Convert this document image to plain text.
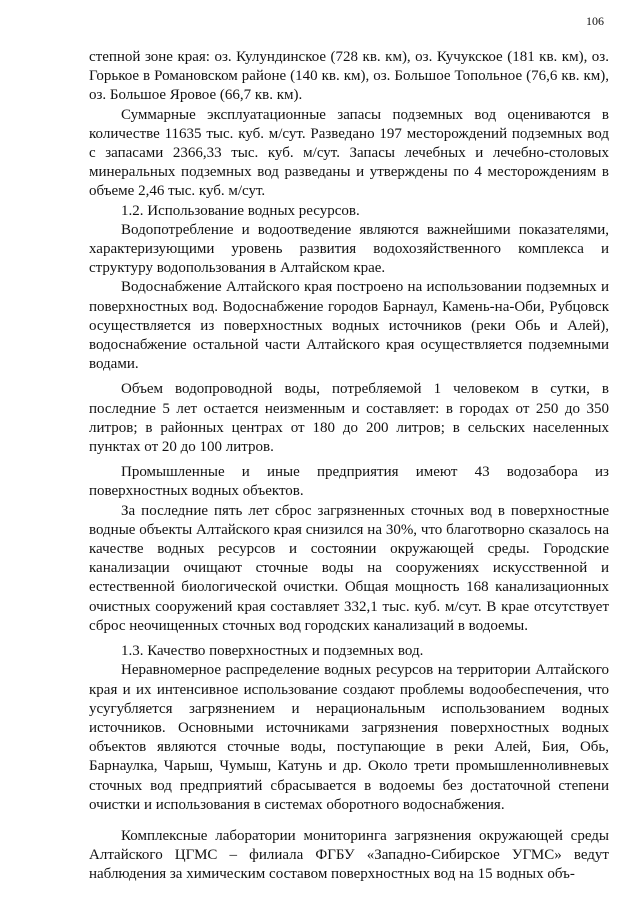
106

степной зоне края: оз. Кулундинское (728 кв. км), оз. Кучукское (181 кв. км), оз. Горькое в Романовском районе (140 кв. км), оз. Большое Топольное (76,6 кв. км), оз. Большое Яровое (66,7 кв. км).

Суммарные эксплуатационные запасы подземных вод оцениваются в количестве 11635 тыс. куб. м/сут. Разведано 197 месторождений подземных вод с запасами 2366,33 тыс. куб. м/сут. Запасы лечебных и лечебно-столовых минеральных подземных вод разведаны и утверждены по 4 месторождениям в объеме 2,46 тыс. куб. м/сут.

1.2. Использование водных ресурсов.

Водопотребление и водоотведение являются важнейшими показателями, характеризующими уровень развития водохозяйственного комплекса и структуру водопользования в Алтайском крае.

Водоснабжение Алтайского края построено на использовании подземных и поверхностных вод. Водоснабжение городов Барнаул, Камень-на-Оби, Рубцовск осуществляется из поверхностных водных источников (реки Обь и Алей), водоснабжение остальной части Алтайского края осуществляется подземными водами.

Объем водопроводной воды, потребляемой 1 человеком в сутки, в последние 5 лет остается неизменным и составляет: в городах от 250 до 350 литров; в районных центрах от 180 до 200 литров; в сельских населенных пунктах от 20 до 100 литров.

Промышленные и иные предприятия имеют 43 водозабора из поверхностных водных объектов.

За последние пять лет сброс загрязненных сточных вод в поверхностные водные объекты Алтайского края снизился на 30%, что благотворно сказалось на качестве водных ресурсов и состоянии окружающей среды. Городские канализации очищают сточные воды на сооружениях искусственной и естественной биологической очистки. Общая мощность 168 канализационных очистных сооружений края составляет 332,1 тыс. куб. м/сут. В крае отсутствует сброс неочищенных сточных вод городских канализаций в водоемы.

1.3. Качество поверхностных и подземных вод.

Неравномерное распределение водных ресурсов на территории Алтайского края и их интенсивное использование создают проблемы водообеспечения, что усугубляется загрязнением и нерациональным использованием водных источников. Основными источниками загрязнения поверхностных водных объектов являются сточные воды, поступающие в реки Алей, Бия, Обь, Барнаулка, Чарыш, Чумыш, Катунь и др. Около трети промышленноливневых сточных вод предприятий сбрасывается в водоемы без достаточной степени очистки и использования в системах оборотного водоснабжения.

Комплексные лаборатории мониторинга загрязнения окружающей среды Алтайского ЦГМС – филиала ФГБУ «Западно-Сибирское УГМС» ведут наблюдения за химическим составом поверхностных вод на 15 водных объ-
